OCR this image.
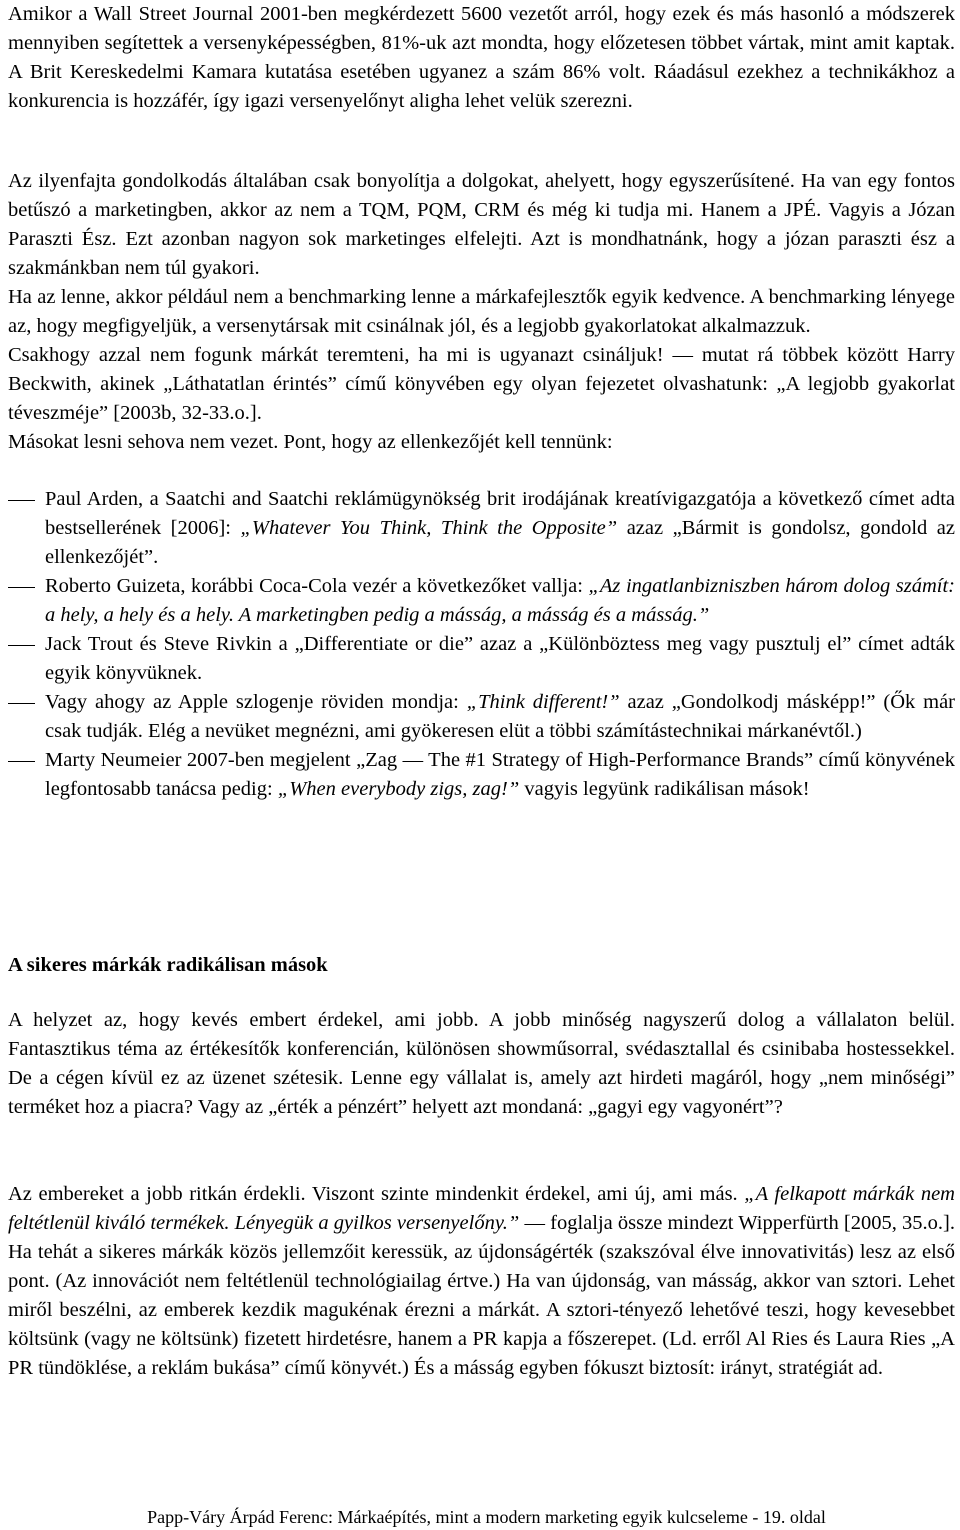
Amikor a Wall Street Journal 2001-ben megkérdezett 5600 vezetőt arról, hogy ezek és más hasonló a módszerek mennyiben segítettek a versenyképességben, 81%-uk azt mondta, hogy előzetesen többet vártak, mint amit kaptak. A Brit Kereskedelmi Kamara kutatása esetében ugyanez a szám 86% volt. Ráadásul ezekhez a technikákhoz a konkurencia is hozzáfér, így igazi versenyelőnyt aligha lehet velük szerezni.

Az ilyenfajta gondolkodás általában csak bonyolítja a dolgokat, ahelyett, hogy egyszerűsítené. Ha van egy fontos betűszó a marketingben, akkor az nem a TQM, PQM, CRM és még ki tudja mi. Hanem a JPÉ. Vagyis a Józan Paraszti Ész. Ezt azonban nagyon sok marketinges elfelejti. Azt is mondhatnánk, hogy a józan paraszti ész a szakmánkban nem túl gyakori.

Ha az lenne, akkor például nem a benchmarking lenne a márkafejlesztők egyik kedvence. A benchmarking lényege az, hogy megfigyeljük, a versenytársak mit csinálnak jól, és a legjobb gyakorlatokat alkalmazzuk.

Csakhogy azzal nem fogunk márkát teremteni, ha mi is ugyanazt csináljuk! ― mutat rá többek között Harry Beckwith, akinek „Láthatatlan érintés” című könyvében egy olyan fejezetet olvashatunk: „A legjobb gyakorlat téveszméje” [2003b, 32-33.o.].

Másokat lesni sehova nem vezet. Pont, hogy az ellenkezőjét kell tennünk:

Paul Arden, a Saatchi and Saatchi reklámügynökség brit irodájának kreatívigazgatója a következő címet adta bestsellerének [2006]: „Whatever You Think, Think the Opposite” azaz „Bármit is gondolsz, gondold az ellenkezőjét”.

Roberto Guizeta, korábbi Coca-Cola vezér a következőket vallja: „Az ingatlanbizniszben három dolog számít: a hely, a hely és a hely. A marketingben pedig a másság, a másság és a másság.”

Jack Trout és Steve Rivkin a „Differentiate or die” azaz a „Különböztess meg vagy pusztulj el” címet adták egyik könyvüknek.

Vagy ahogy az Apple szlogenje röviden mondja: „Think different!” azaz „Gondolkodj másképp!” (Ők már csak tudják. Elég a nevüket megnézni, ami gyökeresen elüt a többi számítástechnikai márkanévtől.)

Marty Neumeier 2007-ben megjelent „Zag ― The #1 Strategy of High-Performance Brands” című könyvének legfontosabb tanácsa pedig: „When everybody zigs, zag!” vagyis legyünk radikálisan mások!

A sikeres márkák radikálisan mások

A helyzet az, hogy kevés embert érdekel, ami jobb. A jobb minőség nagyszerű dolog a vállalaton belül. Fantasztikus téma az értékesítők konferencián, különösen showműsorral, svédasztallal és csinibaba hostessekkel. De a cégen kívül ez az üzenet szétesik. Lenne egy vállalat is, amely azt hirdeti magáról, hogy „nem minőségi” terméket hoz a piacra? Vagy az „érték a pénzért” helyett azt mondaná: „gagyi egy vagyonért”?

Az embereket a jobb ritkán érdekli. Viszont szinte mindenkit érdekel, ami új, ami más. „A felkapott márkák nem feltétlenül kiváló termékek. Lényegük a gyilkos versenyelőny.” ― foglalja össze mindezt Wipperfürth [2005, 35.o.]. Ha tehát a sikeres márkák közös jellemzőit keressük, az újdonságérték (szakszóval élve innovativitás) lesz az első pont. (Az innovációt nem feltétlenül technológiailag értve.) Ha van újdonság, van másság, akkor van sztori. Lehet miről beszélni, az emberek kezdik magukénak érezni a márkát. A sztori-tényező lehetővé teszi, hogy kevesebbet költsünk (vagy ne költsünk) fizetett hirdetésre, hanem a PR kapja a főszerepet. (Ld. erről Al Ries és Laura Ries „A PR tündöklése, a reklám bukása” című könyvét.) És a másság egyben fókuszt biztosít: irányt, stratégiát ad.

Papp-Váry Árpád Ferenc: Márkaépítés, mint a modern marketing egyik kulcseleme - 19. oldal
